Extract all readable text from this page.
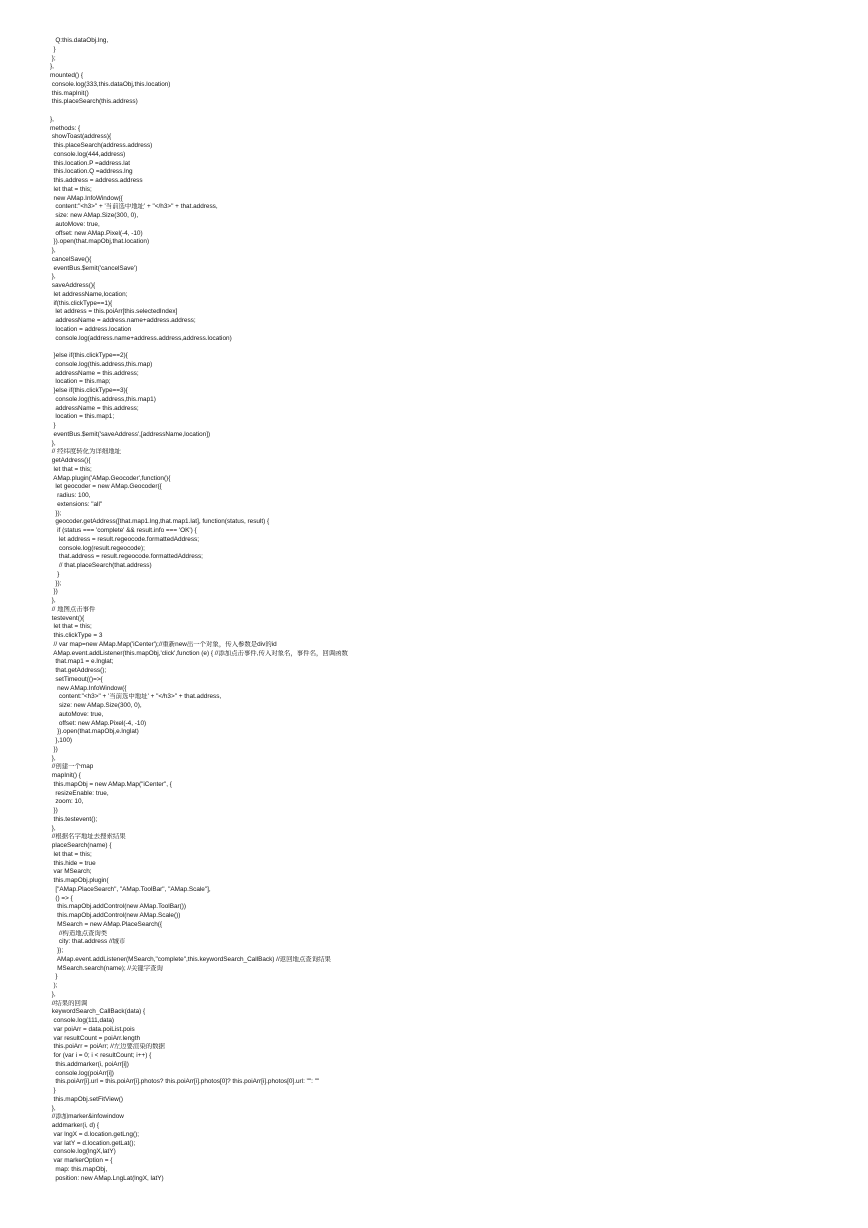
Q:this.dataObj.lng,
}
};
},
mounted() {
console.log(333,this.dataObj,this.location)
this.mapInit()
this.placeSearch(this.address)
},
methods: {
showToast(address){
this.placeSearch(address.address)
console.log(444,address)
this.location.P =address.lat
this.location.Q =address.lng
this.address = address.address
let that = this;
new AMap.InfoWindow({
content:"<h3>" + '当前选中地址' + "</h3>" + that.address,
size: new AMap.Size(300, 0),
autoMove: true,
offset: new AMap.Pixel(-4, -10)
}).open(that.mapObj,that.location)
},
cancelSave(){
eventBus.$emit('cancelSave')
},
saveAddress(){
let addressName,location;
if(this.clickType==1){
let address = this.poiArr[this.selectedIndex]
addressName = address.name+address.address;
location = address.location
console.log(address.name+address.address,address.location)
}else if(this.clickType==2){
console.log(this.address,this.map)
addressName = this.address;
location = this.map;
}else if(this.clickType==3){
console.log(this.address,this.map1)
addressName = this.address;
location = this.map1;
}
eventBus.$emit('saveAddress',[addressName,location])
},
// 经纬度转化为详细地址
getAddress(){
let that = this;
AMap.plugin('AMap.Geocoder',function(){
let geocoder = new AMap.Geocoder({
radius: 100,
extensions: "all"
});
geocoder.getAddress([that.map1.lng,that.map1.lat], function(status, result) {
if (status === 'complete' && result.info === 'OK') {
let address = result.regeocode.formattedAddress;
console.log(result.regeocode);
that.address = result.regeocode.formattedAddress;
// that.placeSearch(that.address)
}
});
})
},
// 地图点击事件
testevent(){
let that = this;
this.clickType = 3
// var map=new AMap.Map('iCenter');//重新new出一个对象，传入参数是div的id
AMap.event.addListener(this.mapObj,'click',function (e) { //添加点击事件,传入对象名，事件名，回调函数
that.map1 = e.lnglat;
that.getAddress();
setTimeout(()=>{
new AMap.InfoWindow({
content:"<h3>" + '当前选中地址' + "</h3>" + that.address,
size: new AMap.Size(300, 0),
autoMove: true,
offset: new AMap.Pixel(-4, -10)
}).open(that.mapObj,e.lnglat)
},100)
})
},
//创建一个map
mapInit() {
this.mapObj = new AMap.Map("iCenter", {
resizeEnable: true,
zoom: 10,
})
this.testevent();
},
//根据名字地址去搜索结果
placeSearch(name) {
let that = this;
this.hide = true
var MSearch;
this.mapObj.plugin(
["AMap.PlaceSearch", "AMap.ToolBar", "AMap.Scale"],
() => {
this.mapObj.addControl(new AMap.ToolBar())
this.mapObj.addControl(new AMap.Scale())
MSearch = new AMap.PlaceSearch({
//构造地点查询类
city: that.address //城市
});
AMap.event.addListener(MSearch,"complete",this.keywordSearch_CallBack) //返回地点查询结果
MSearch.search(name); //关键字查询
}
);
},
//结果的回调
keywordSearch_CallBack(data) {
console.log(111,data)
var poiArr = data.poiList.pois
var resultCount = poiArr.length
this.poiArr = poiArr; //左边要渲染的数据
for (var i = 0; i < resultCount; i++) {
this.addmarker(i, poiArr[i])
console.log(poiArr[i])
this.poiArr[i].url = this.poiArr[i].photos? this.poiArr[i].photos[0]? this.poiArr[i].photos[0].url: "": ""
}
this.mapObj.setFitView()
},
//添加marker&infowindow
addmarker(i, d) {
var lngX = d.location.getLng();
var latY = d.location.getLat();
console.log(lngX,latY)
var markerOption = {
map: this.mapObj,
position: new AMap.LngLat(lngX, latY)
